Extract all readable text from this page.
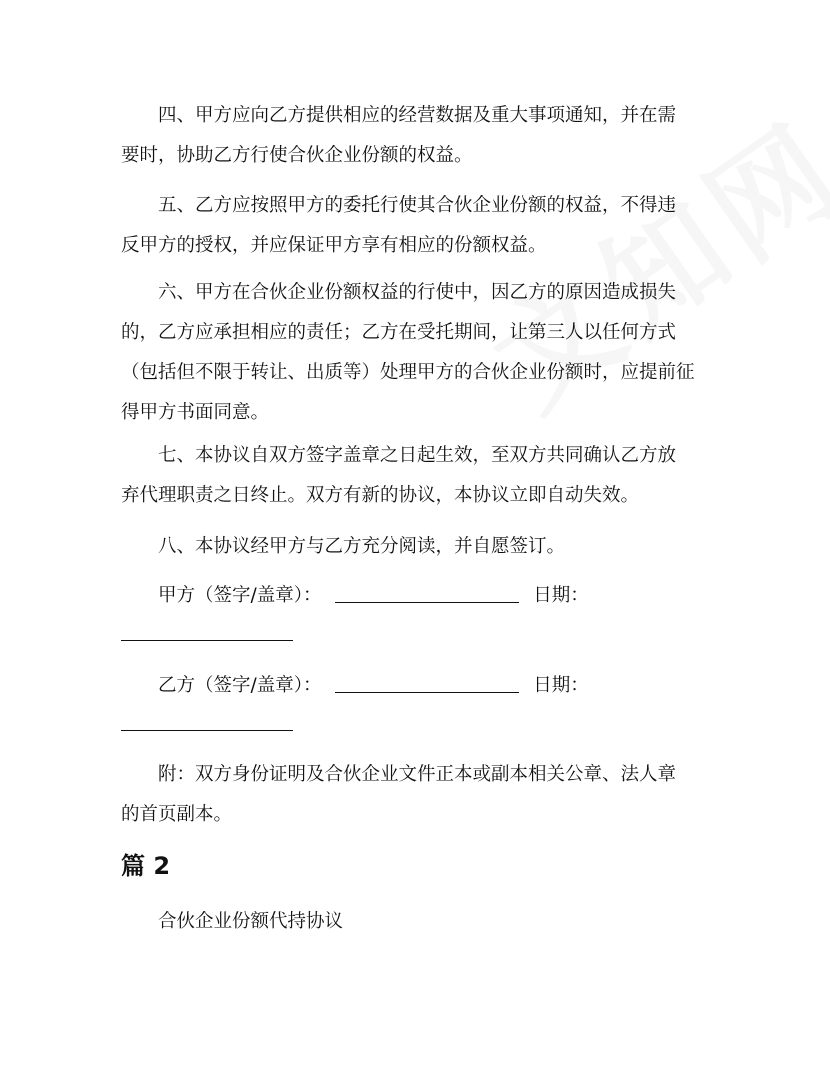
四、甲方应向乙方提供相应的经营数据及重大事项通知，并在需
要时，协助乙方行使合伙企业份额的权益。
五、乙方应按照甲方的委托行使其合伙企业份额的权益，不得违
反甲方的授权，并应保证甲方享有相应的份额权益。
六、甲方在合伙企业份额权益的行使中，因乙方的原因造成损失
的，乙方应承担相应的责任；乙方在受托期间，让第三人以任何方式
（包括但不限于转让、出质等）处理甲方的合伙企业份额时，应提前征
得甲方书面同意。
七、本协议自双方签字盖章之日起生效，至双方共同确认乙方放
弃代理职责之日终止。双方有新的协议，本协议立即自动失效。
八、本协议经甲方与乙方充分阅读，并自愿签订。
甲方（签字/盖章）：	日期：
乙方（签字/盖章）：	日期：
附：双方身份证明及合伙企业文件正本或副本相关公章、法人章
的首页副本。
篇 2
合伙企业份额代持协议
